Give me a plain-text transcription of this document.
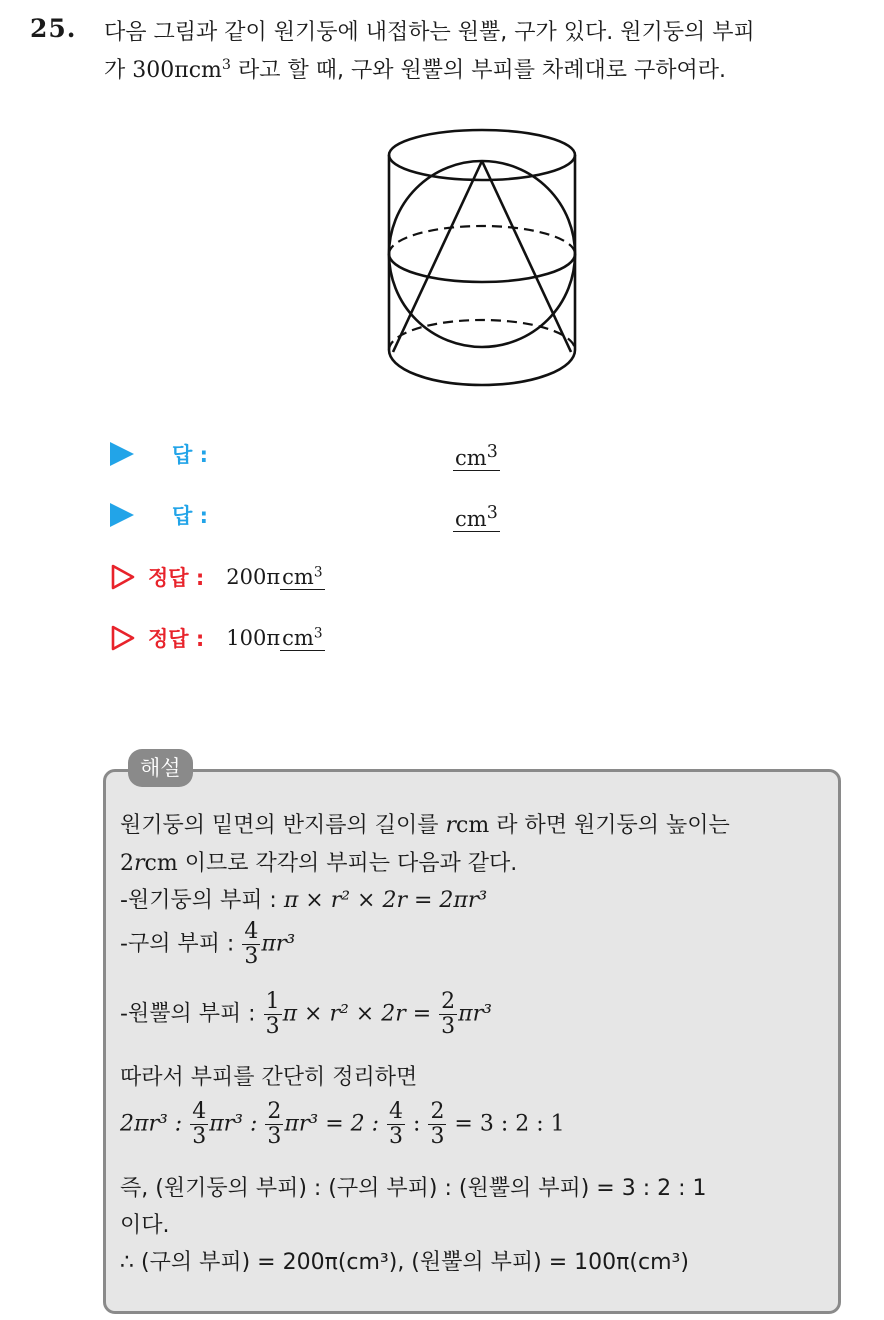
25. 다음 그림과 같이 원기둥에 내접하는 원뿔, 구가 있다. 원기둥의 부피
가 300πcm$^3$ 라고 할 때, 구와 원뿔의 부피를 차례대로 구하여라.
답 :	$cm^3$
답 :	$cm^3$
정답 : 200πcm$^3$
정답 : 100πcm$^3$
해설
원기둥의 밑면의 반지름의 길이를 rcm 라 하면 원기둥의 높이는
2rcm 이므로 각각의 부피는 다음과 같다.
-원기둥의 부피 : π × r² × 2r = 2πr³
-구의 부피 : $\frac{4}{3} \pi r^3$
-원뿔의 부피 : $\frac{1}{3}$ $\pi \times r^2 \times 2r = \frac{2}{3} \pi r^3$
따라서 부피를 간단히 정리하면
2πr³ : $\frac{4}{3} \pi r^3$ : $\frac{2}{3} \pi r^3 = 2$ : $\frac{4}{3}$ : $\frac{2}{3} = 3$ : 2 : 1
즉, (원기둥의 부피) : (구의 부피) : (원뿔의 부피) = 3 : 2 : 1
이다.
∴ (구의 부피) = 200π(cm³), (원뿔의 부피) = 100π(cm³)
